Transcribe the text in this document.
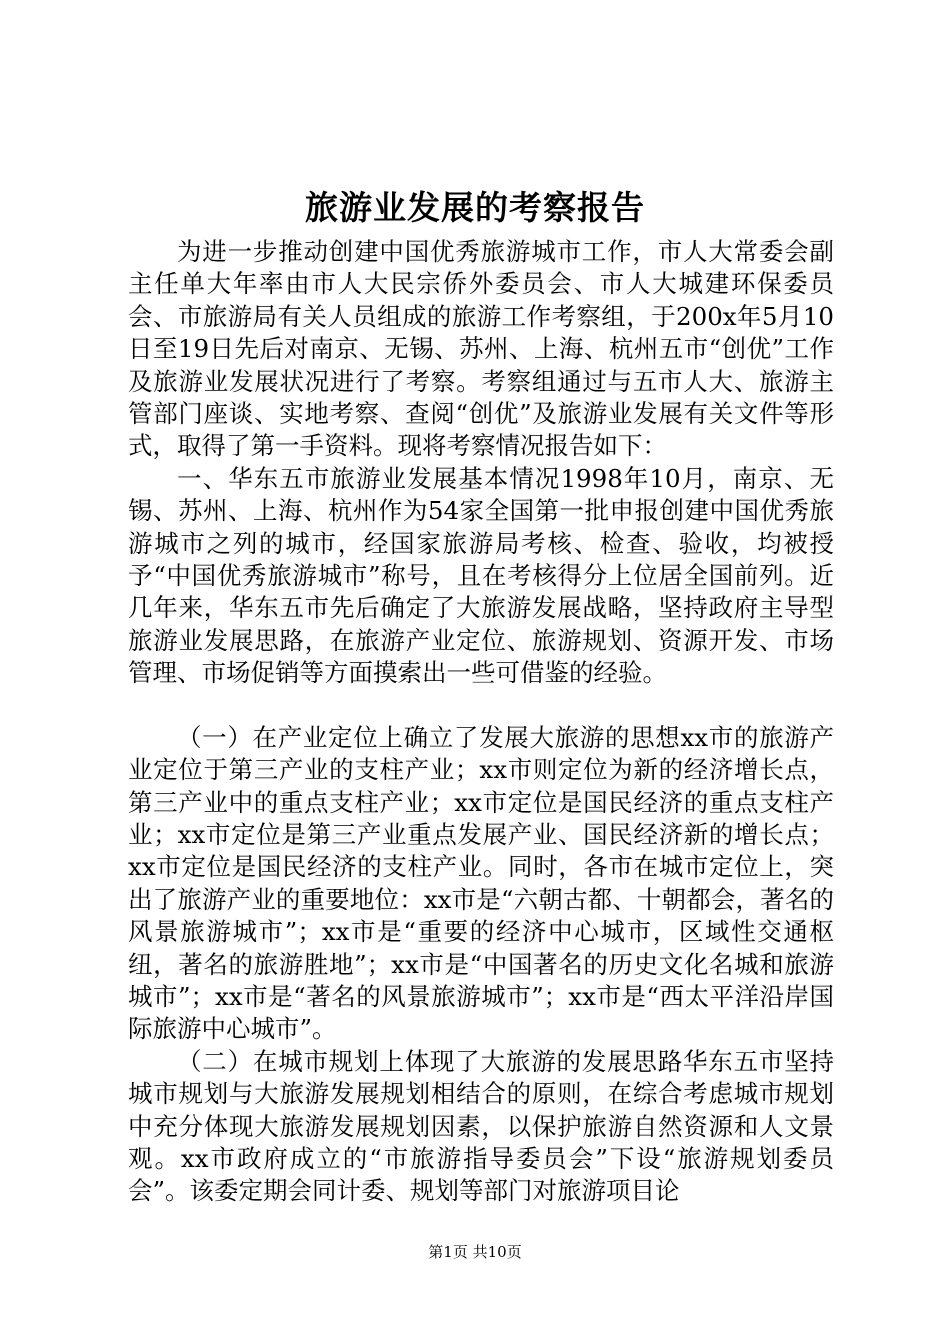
旅游业发展的考察报告

为进一步推动创建中国优秀旅游城市工作，市人大常委会副主任单大年率由市人大民宗侨外委员会、市人大城建环保委员会、市旅游局有关人员组成的旅游工作考察组，于200x年5月10日至19日先后对南京、无锡、苏州、上海、杭州五市“创优”工作及旅游业发展状况进行了考察。考察组通过与五市人大、旅游主管部门座谈、实地考察、查阅“创优”及旅游业发展有关文件等形式，取得了第一手资料。现将考察情况报告如下：

一、华东五市旅游业发展基本情况1998年10月，南京、无锡、苏州、上海、杭州作为54家全国第一批申报创建中国优秀旅游城市之列的城市，经国家旅游局考核、检查、验收，均被授予“中国优秀旅游城市”称号，且在考核得分上位居全国前列。近几年来，华东五市先后确定了大旅游发展战略，坚持政府主导型旅游业发展思路，在旅游产业定位、旅游规划、资源开发、市场管理、市场促销等方面摸索出一些可借鉴的经验。

（一）在产业定位上确立了发展大旅游的思想xx市的旅游产业定位于第三产业的支柱产业；xx市则定位为新的经济增长点，第三产业中的重点支柱产业；xx市定位是国民经济的重点支柱产业；xx市定位是第三产业重点发展产业、国民经济新的增长点；xx市定位是国民经济的支柱产业。同时，各市在城市定位上，突出了旅游产业的重要地位：xx市是“六朝古都、十朝都会，著名的风景旅游城市”；xx市是“重要的经济中心城市，区域性交通枢纽，著名的旅游胜地”；xx市是“中国著名的历史文化名城和旅游城市”；xx市是“著名的风景旅游城市”；xx市是“西太平洋沿岸国际旅游中心城市”。

（二）在城市规划上体现了大旅游的发展思路华东五市坚持城市规划与大旅游发展规划相结合的原则，在综合考虑城市规划中充分体现大旅游发展规划因素，以保护旅游自然资源和人文景观。xx市政府成立的“市旅游指导委员会”下设“旅游规划委员会”。该委定期会同计委、规划等部门对旅游项目论

第1页 共10页
